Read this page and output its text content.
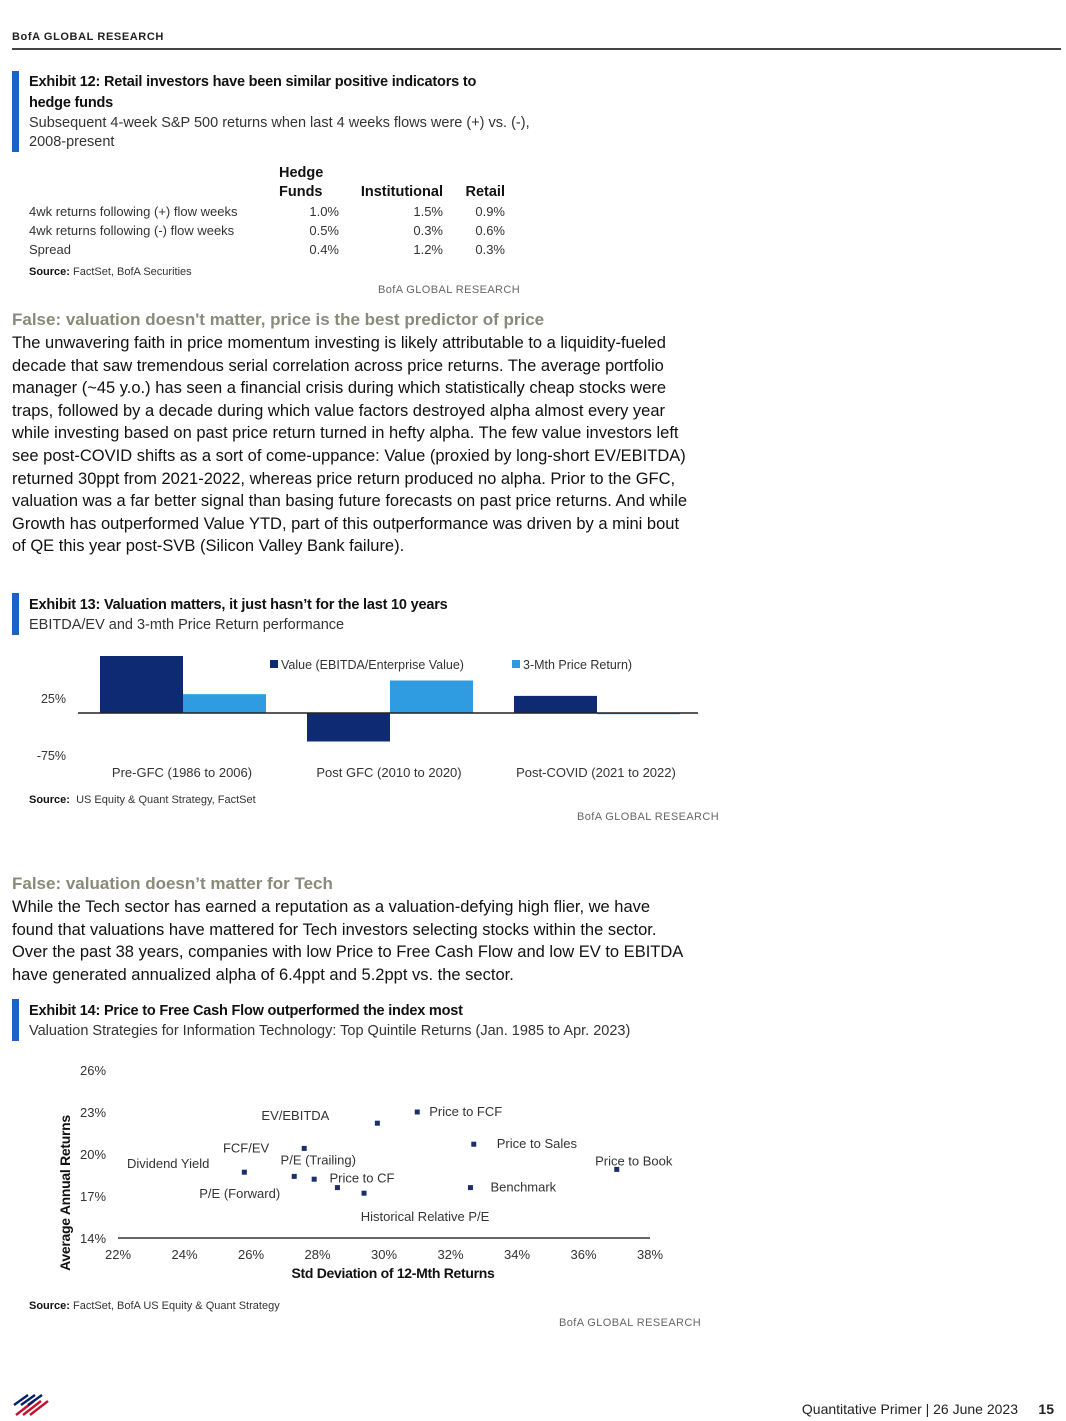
BofA GLOBAL RESEARCH
Exhibit 12: Retail investors have been similar positive indicators to
hedge funds
Subsequent 4-week S&P 500 returns when last 4 weeks flows were (+) vs. (-),
2008-present

	Hedge
Funds	Institutional	Retail
4wk returns following (+) flow weeks	1.0%	1.5%	0.9%
4wk returns following (-) flow weeks	0.5%	0.3%	0.6%
Spread	0.4%	1.2%	0.3%
Source: FactSet, BofA Securities
BofA GLOBAL RESEARCH
False: valuation doesn't matter, price is the best predictor of price
The unwavering faith in price momentum investing is likely attributable to a liquidity-fueled decade that saw tremendous serial correlation across price returns. The average portfolio manager (~45 y.o.) has seen a financial crisis during which statistically cheap stocks were traps, followed by a decade during which value factors destroyed alpha almost every year while investing based on past price return turned in hefty alpha. The few value investors left see post-COVID shifts as a sort of come-uppance: Value (proxied by long-short EV/EBITDA) returned 30ppt from 2021-2022, whereas price return produced no alpha. Prior to the GFC, valuation was a far better signal than basing future forecasts on past price returns. And while Growth has outperformed Value YTD, part of this outperformance was driven by a mini bout of QE this year post-SVB (Silicon Valley Bank failure).
Exhibit 13: Valuation matters, it just hasn’t for the last 10 years
EBITDA/EV and 3-mth Price Return performance
25%
-75%
Pre-GFC (1986 to 2006)	Post GFC (2010 to 2020)	Post-COVID (2021 to 2022)
Value (EBITDA/Enterprise Value)	3-Mth Price Return)
Source: US Equity & Quant Strategy, FactSet
BofA GLOBAL RESEARCH
False: valuation doesn’t matter for Tech
While the Tech sector has earned a reputation as a valuation-defying high flier, we have found that valuations have mattered for Tech investors selecting stocks within the sector. Over the past 38 years, companies with low Price to Free Cash Flow and low EV to EBITDA have generated annualized alpha of 6.4ppt and 5.2ppt vs. the sector.
Exhibit 14: Price to Free Cash Flow outperformed the index most
Valuation Strategies for Information Technology: Top Quintile Returns (Jan. 1985 to Apr. 2023)
14%
17%
20%
23%
26%
22%	24%	26%	28%	30%	32%	34%	36%	38%
Price to FCF
EV/EBITDA
FCF/EV	Price to Sales
Price to Book
Dividend Yield	P/E (Trailing)
P/E (Forward)
Price to CF
Historical Relative P/E
Benchmark
Std Deviation of 12-Mth Returns
Average Annual Returns
Source: FactSet, BofA US Equity & Quant Strategy
BofA GLOBAL RESEARCH
Quantitative Primer | 26 June 2023 15
